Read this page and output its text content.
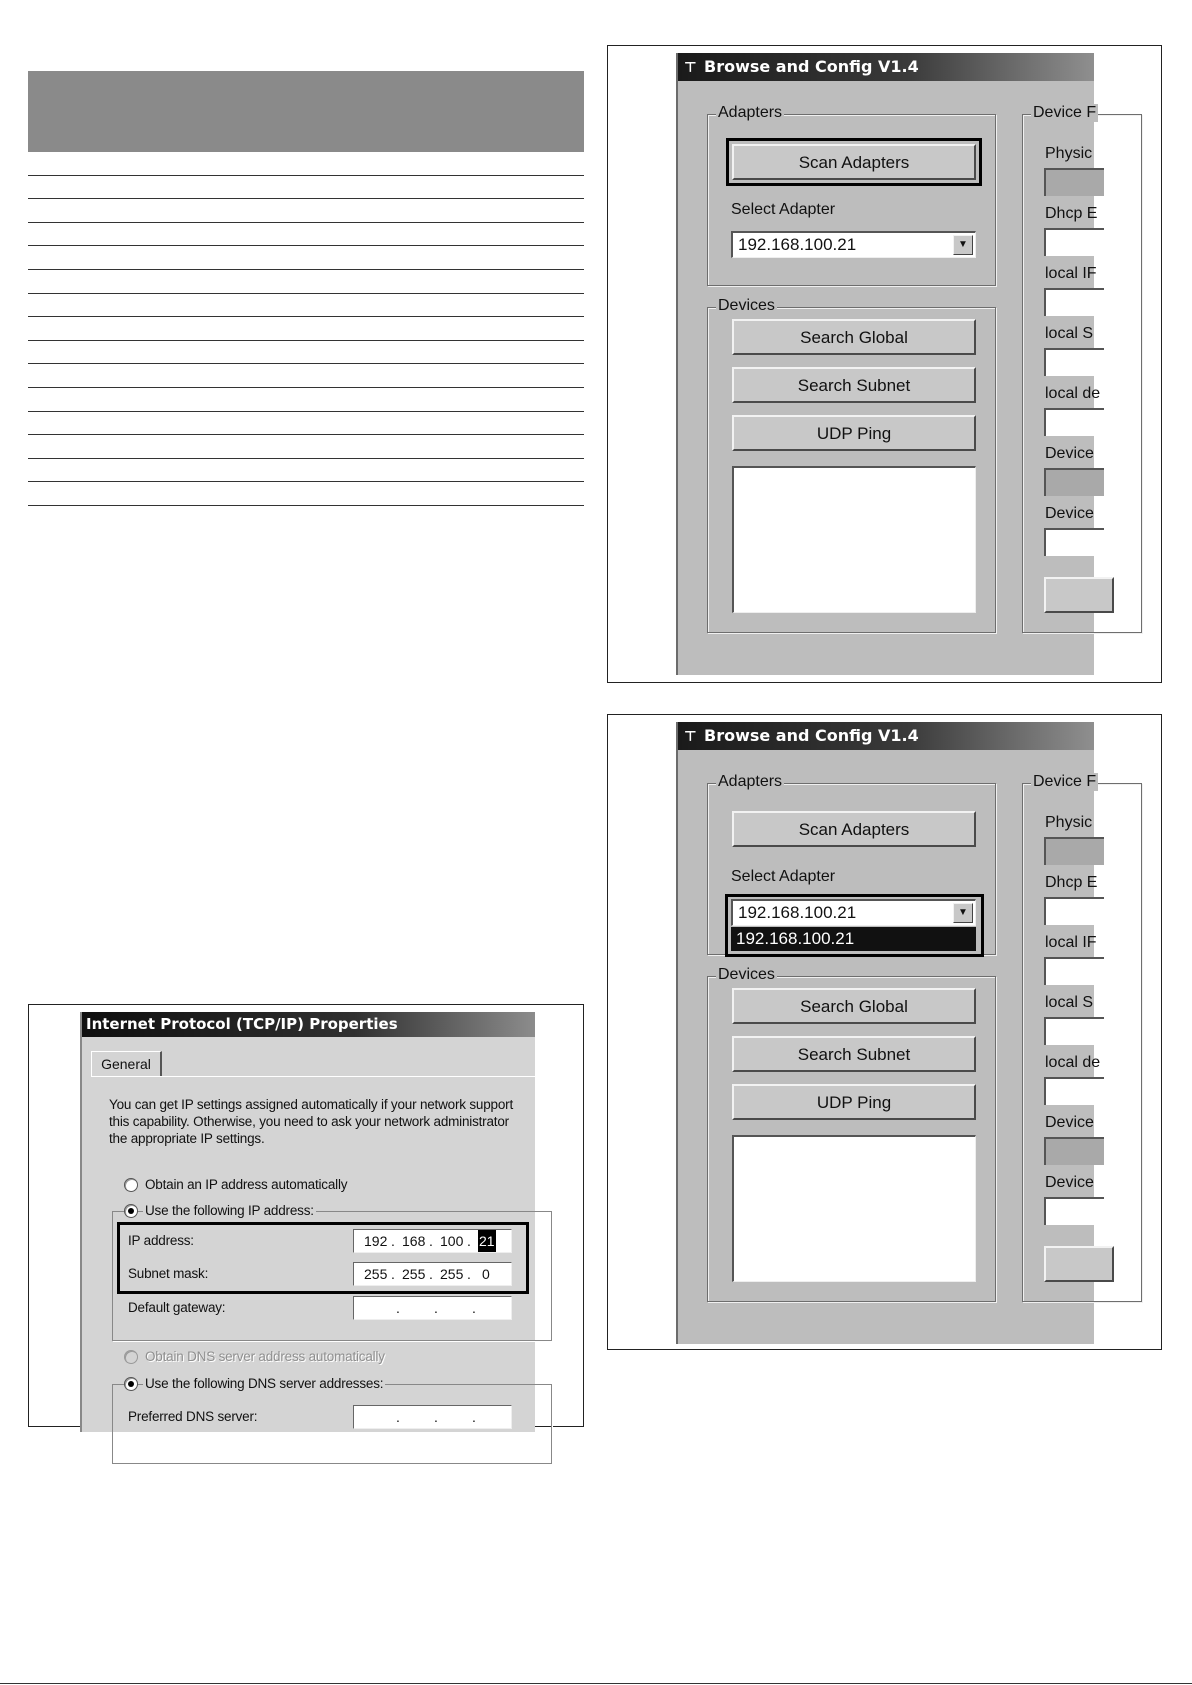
⊤ Browse and Config V1.4
Adapters
Scan Adapters
Select Adapter
192.168.100.21	▼
Devices
Search Global
Search Subnet
UDP Ping
Device F
Physic
Dhcp E
local IF
local S
local de
Device
Device
⊤ Browse and Config V1.4
Adapters
Scan Adapters
Select Adapter
192.168.100.21	▼
192.168.100.21
Devices
Search Global
Search Subnet
UDP Ping
Device F
Physic
Dhcp E
local IF
local S
local de
Device
Device
Internet Protocol (TCP/IP) Properties
General
You can get IP settings assigned automatically if your network support
this capability. Otherwise, you need to ask your network administrator
the appropriate IP settings.
Obtain an IP address automatically
Use the following IP address:
IP address:	192 . 168 . 100 . 21
Subnet mask:	255 . 255 . 255 . 0
Default gateway:	. . .
Obtain DNS server address automatically
Use the following DNS server addresses:
Preferred DNS server:	. . .
